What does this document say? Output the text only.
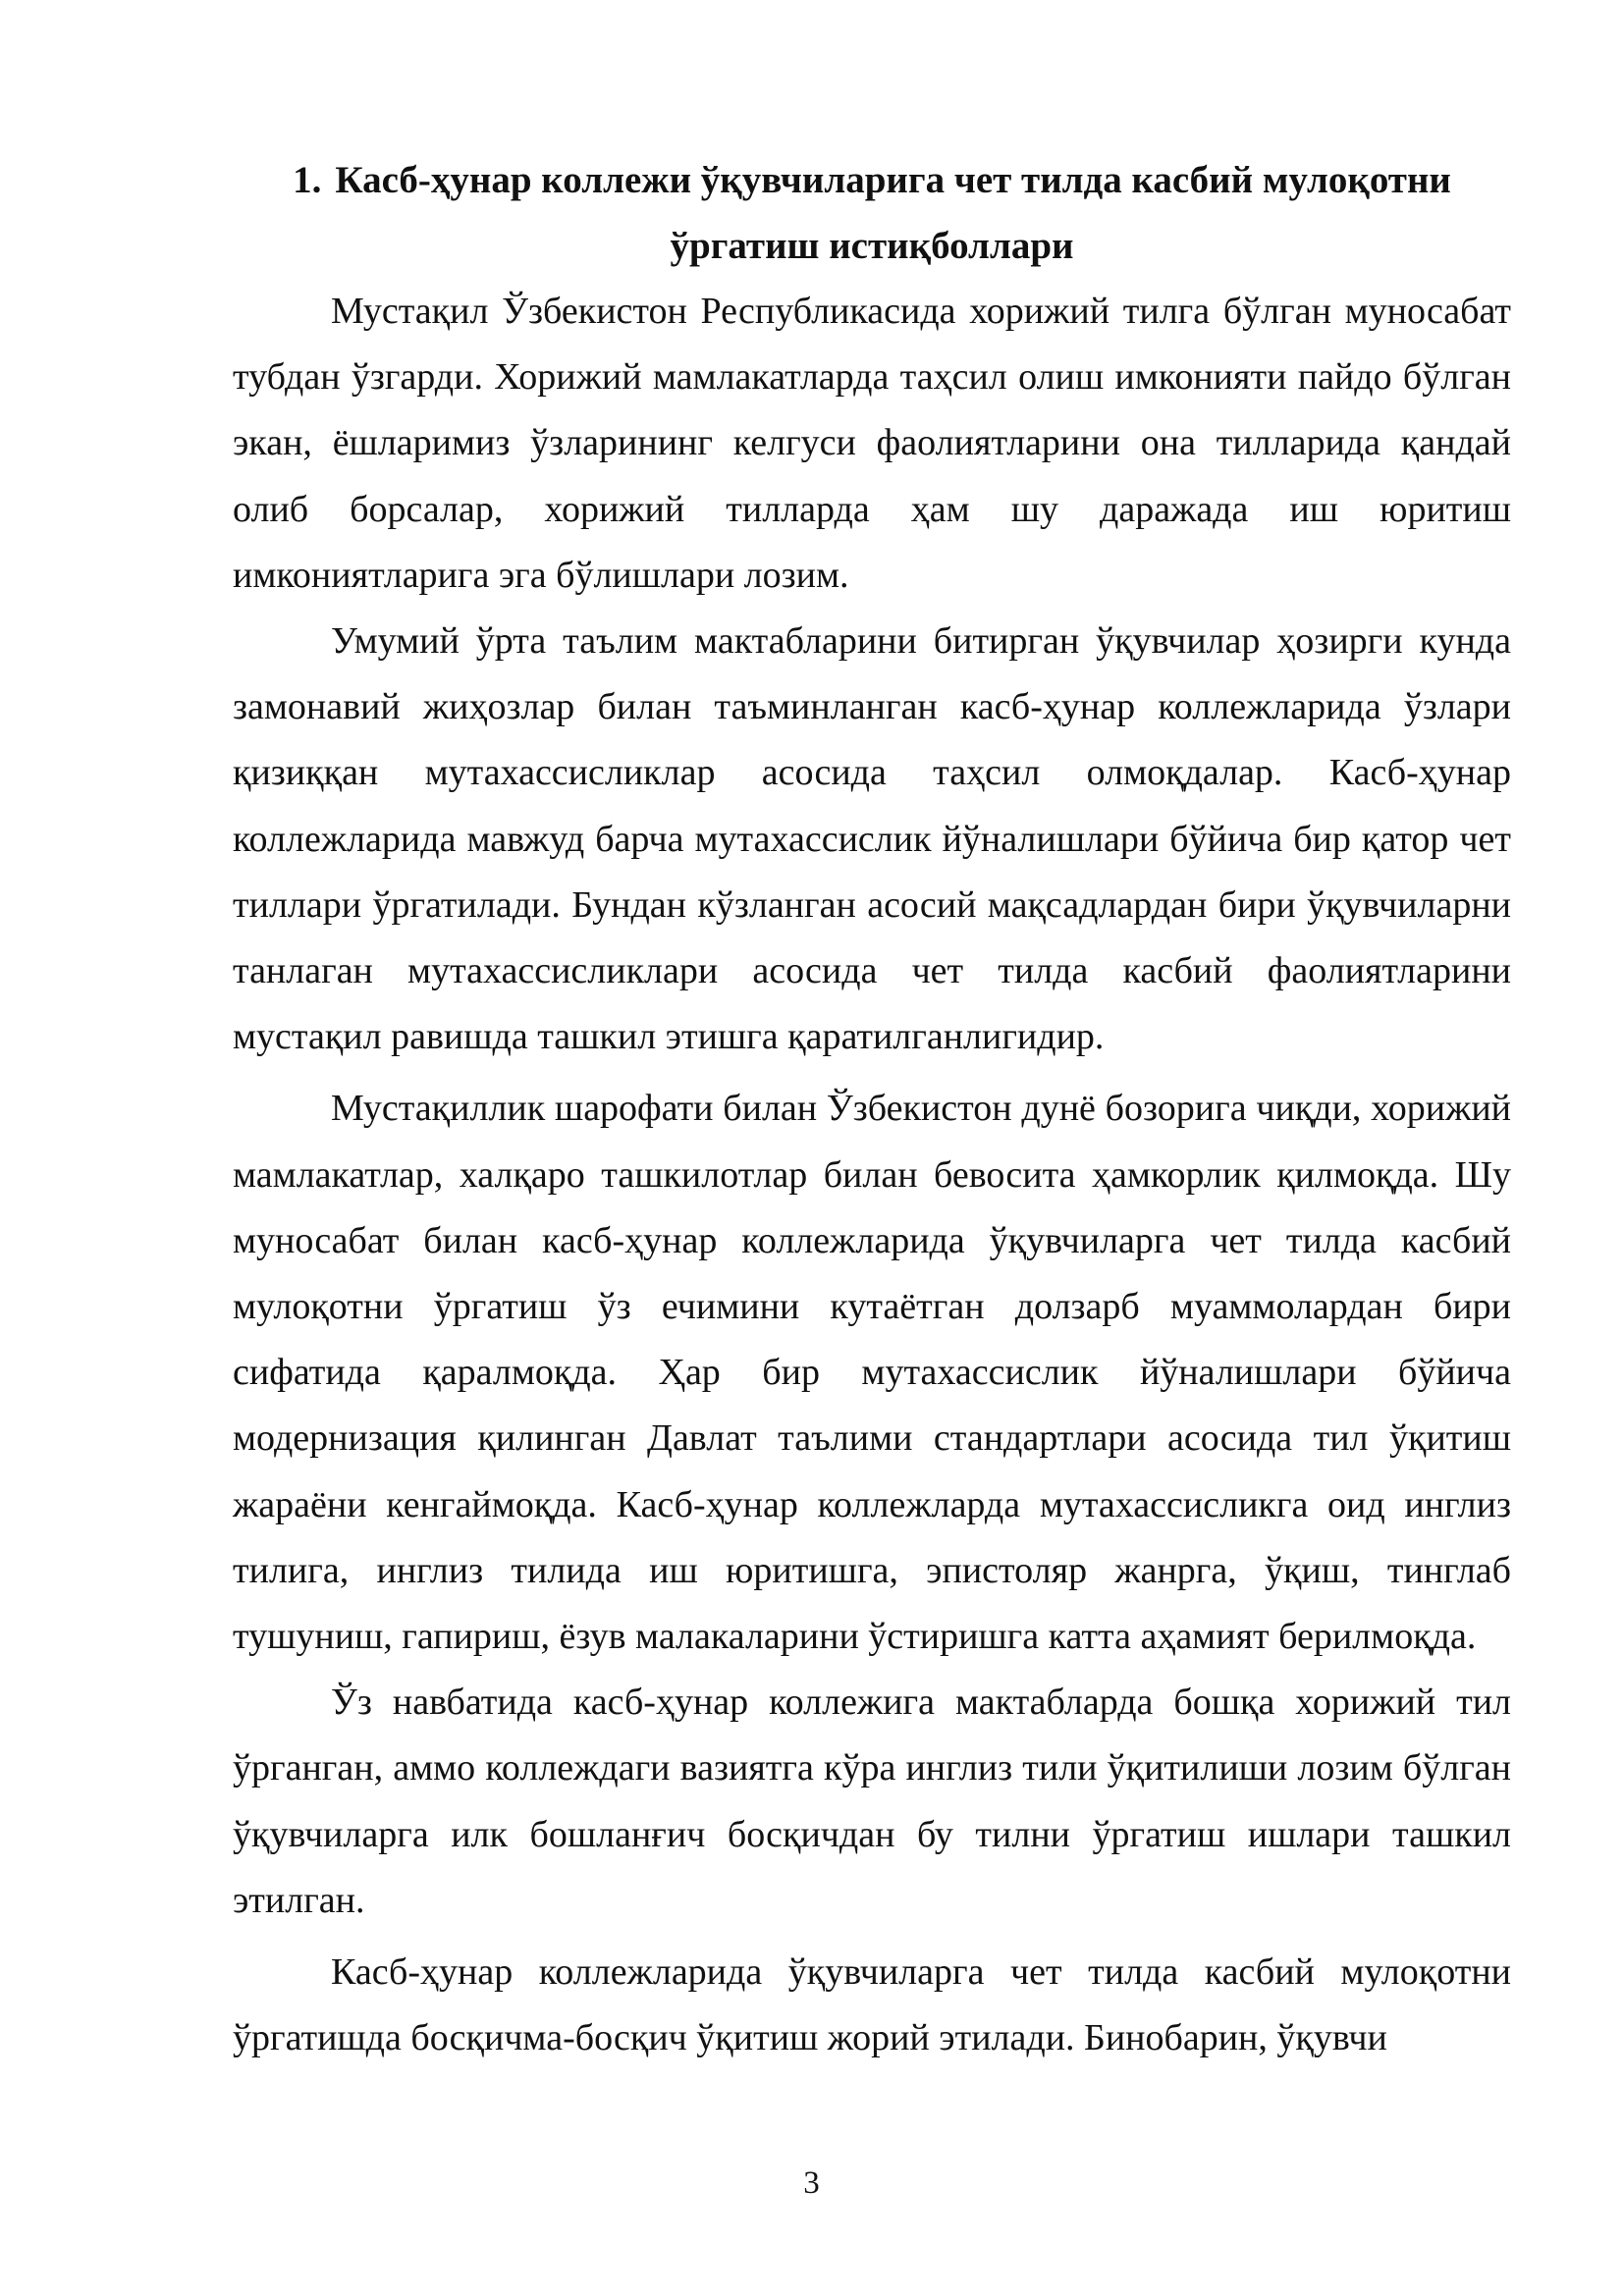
1. Касб-ҳунар коллежи ўқувчиларига чет тилда касбий мулоқотни ўргатиш истиқболлари

Мустақил Ўзбекистон Республикасида хорижий тилга бўлган муносабат тубдан ўзгарди. Хорижий мамлакатларда таҳсил олиш имконияти пайдо бўлган экан, ёшларимиз ўзларининг келгуси фаолиятларини она тилларида қандай олиб борсалар, хорижий тилларда ҳам шу даражада иш юритиш имкониятларига эга бўлишлари лозим.

Умумий ўрта таълим мактабларини битирган ўқувчилар ҳозирги кунда замонавий жиҳозлар билан таъминланган касб-ҳунар коллежларида ўзлари қизиққан мутахассисликлар асосида таҳсил олмоқдалар. Касб-ҳунар коллежларида мавжуд барча мутахассислик йўналишлари бўйича бир қатор чет тиллари ўргатилади. Бундан кўзланган асосий мақсадлардан бири ўқувчиларни танлаган мутахассисликлари асосида чет тилда касбий фаолиятларини мустақил равишда ташкил этишга қаратилганлигидир.

Мустақиллик шарофати билан Ўзбекистон дунё бозорига чиқди, хорижий мамлакатлар, халқаро ташкилотлар билан бевосита ҳамкорлик қилмоқда. Шу муносабат билан касб-ҳунар коллежларида ўқувчиларга чет тилда касбий мулоқотни ўргатиш ўз ечимини кутаётган долзарб муаммолардан бири сифатида қаралмоқда. Ҳар бир мутахассислик йўналишлари бўйича модернизация қилинган Давлат таълими стандартлари асосида тил ўқитиш жараёни кенгаймоқда. Касб-ҳунар коллежларда мутахассисликга оид инглиз тилига, инглиз тилида иш юритишга, эпистоляр жанрга, ўқиш, тинглаб тушуниш, гапириш, ёзув малакаларини ўстиришга катта аҳамият берилмоқда.

Ўз навбатида касб-ҳунар коллежига мактабларда бошқа хорижий тил ўрганган, аммо коллеждаги вазиятга кўра инглиз тили ўқитилиши лозим бўлган ўқувчиларга илк бошланғич босқичдан бу тилни ўргатиш ишлари ташкил этилган.

Касб-ҳунар коллежларида ўқувчиларга чет тилда касбий мулоқотни ўргатишда босқичма-босқич ўқитиш жорий этилади. Бинобарин, ўқувчи

3
